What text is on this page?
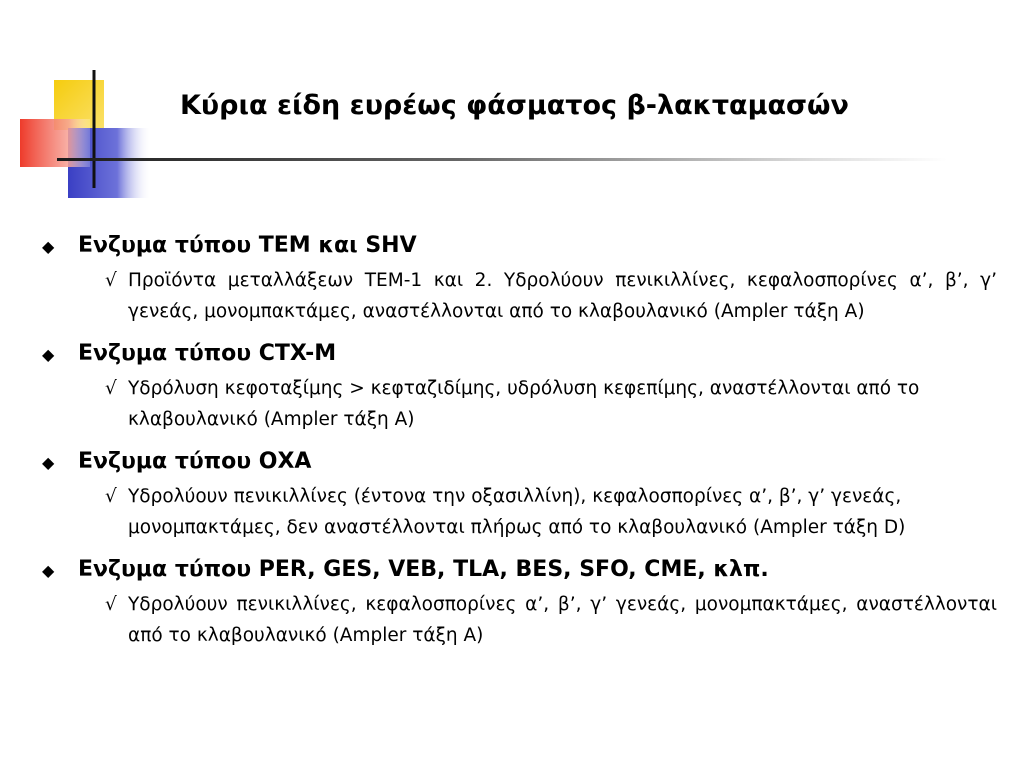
Κύρια είδη ευρέως φάσματος β-λακταμασών
◆	Ενζυμα τύπου ΤΕΜ και SHV
√ Προϊόντα μεταλλάξεων ΤΕΜ-1 και 2. Υδρολύουν πενικιλλίνες, κεφαλοσπορίνες α’, β’, γ’ γενεάς, μονομπακτάμες, αναστέλλονται από το κλαβουλανικό (Ampler τάξη A)
◆	Ενζυμα τύπου CTX-M
√ Υδρόλυση κεφοταξίμης > κεφταζιδίμης, υδρόλυση κεφεπίμης, αναστέλλονται από το κλαβουλανικό (Ampler τάξη A)
◆	Ενζυμα τύπου ΟΧΑ
√ Υδρολύουν πενικιλλίνες (έντονα την οξασιλλίνη), κεφαλοσπορίνες α’, β’, γ’ γενεάς, μονομπακτάμες, δεν αναστέλλονται πλήρως από το κλαβουλανικό (Ampler τάξη D)
◆	Ενζυμα τύπου PER, GES, VEB, TLA, BES, SFO, CME, κλπ.
√ Υδρολύουν πενικιλλίνες, κεφαλοσπορίνες α’, β’, γ’ γενεάς, μονομπακτάμες, αναστέλλονται από το κλαβουλανικό (Ampler τάξη A)
